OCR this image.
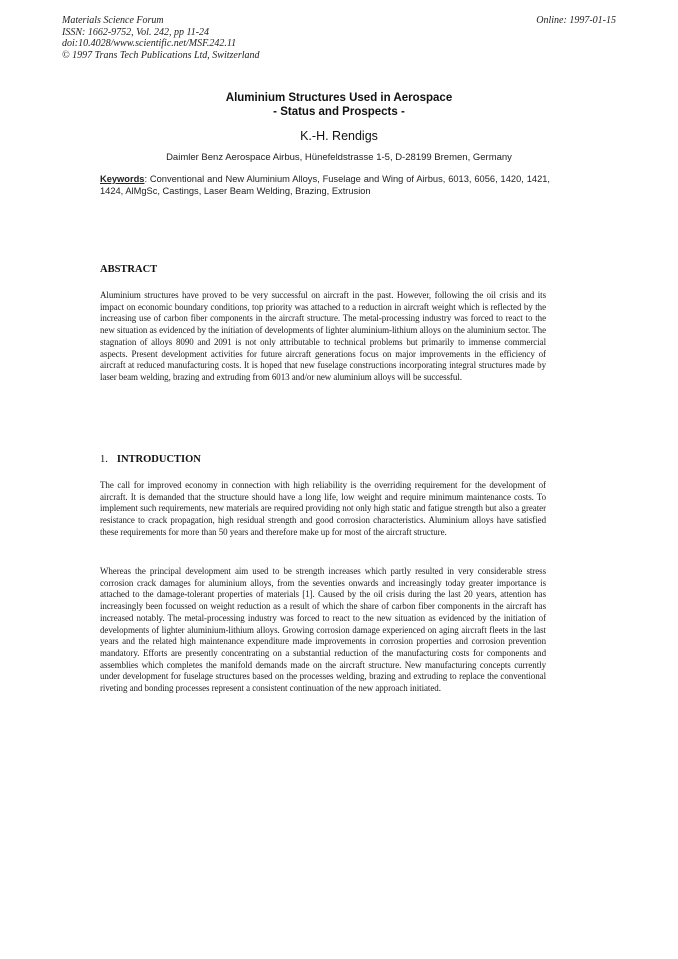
Materials Science Forum
ISSN: 1662-9752, Vol. 242, pp 11-24
doi:10.4028/www.scientific.net/MSF.242.11
© 1997 Trans Tech Publications Ltd, Switzerland
Online: 1997-01-15
Aluminium Structures Used in Aerospace
- Status and Prospects -
K.-H. Rendigs
Daimler Benz Aerospace Airbus, Hünefeldstrasse 1-5, D-28199 Bremen, Germany
Keywords: Conventional and New Aluminium Alloys, Fuselage and Wing of Airbus, 6013, 6056, 1420, 1421, 1424, AlMgSc, Castings, Laser Beam Welding, Brazing, Extrusion
ABSTRACT
Aluminium structures have proved to be very successful on aircraft in the past. However, following the oil crisis and its impact on economic boundary conditions, top priority was attached to a reduction in aircraft weight which is reflected by the increasing use of carbon fiber components in the aircraft structure. The metal-processing industry was forced to react to the new situation as evidenced by the initiation of developments of lighter aluminium-lithium alloys on the aluminium sector. The stagnation of alloys 8090 and 2091 is not only attributable to technical problems but primarily to immense commercial aspects. Present development activities for future aircraft generations focus on major improvements in the efficiency of aircraft at reduced manufacturing costs. It is hoped that new fuselage constructions incorporating integral structures made by laser beam welding, brazing and extruding from 6013 and/or new aluminium alloys will be successful.
1. INTRODUCTION
The call for improved economy in connection with high reliability is the overriding requirement for the development of aircraft. It is demanded that the structure should have a long life, low weight and require minimum maintenance costs. To implement such requirements, new materials are required providing not only high static and fatigue strength but also a greater resistance to crack propagation, high residual strength and good corrosion characteristics. Aluminium alloys have satisfied these requirements for more than 50 years and therefore make up for most of the aircraft structure.
Whereas the principal development aim used to be strength increases which partly resulted in very considerable stress corrosion crack damages for aluminium alloys, from the seventies onwards and increasingly today greater importance is attached to the damage-tolerant properties of materials [1]. Caused by the oil crisis during the last 20 years, attention has increasingly been focussed on weight reduction as a result of which the share of carbon fiber components in the aircraft has increased notably. The metal-processing industry was forced to react to the new situation as evidenced by the initiation of developments of lighter aluminium-lithium alloys. Growing corrosion damage experienced on aging aircraft fleets in the last years and the related high maintenance expenditure made improvements in corrosion properties and corrosion prevention mandatory. Efforts are presently concentrating on a substantial reduction of the manufacturing costs for components and assemblies which completes the manifold demands made on the aircraft structure. New manufacturing concepts currently under development for fuselage structures based on the processes welding, brazing and extruding to replace the conventional riveting and bonding processes represent a consistent continuation of the new approach initiated.
